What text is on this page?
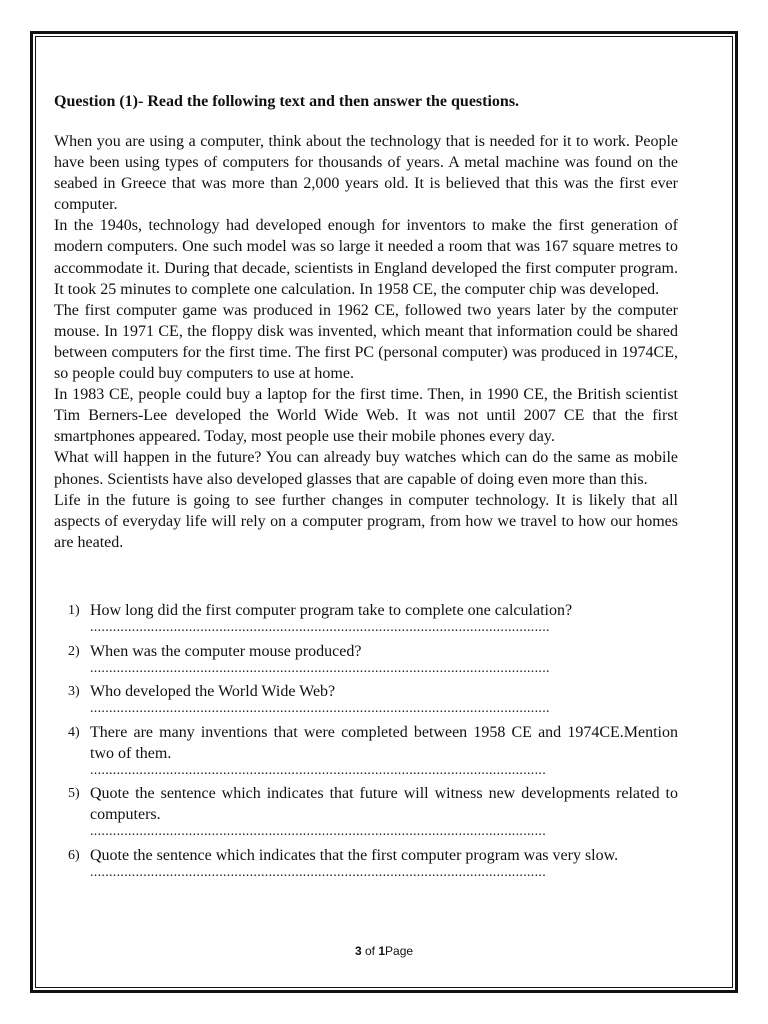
Question (1)- Read the following text and then answer the questions.

When you are using a computer, think about the technology that is needed for it to work. People have been using types of computers for thousands of years. A metal machine was found on the seabed in Greece that was more than 2,000 years old. It is believed that this was the first ever computer.

In the 1940s, technology had developed enough for inventors to make the first generation of modern computers. One such model was so large it needed a room that was 167 square metres to accommodate it. During that decade, scientists in England developed the first computer program. It took 25 minutes to complete one calculation. In 1958 CE, the computer chip was developed.

The first computer game was produced in 1962 CE, followed two years later by the computer mouse. In 1971 CE, the floppy disk was invented, which meant that information could be shared between computers for the first time. The first PC (personal computer) was produced in 1974CE, so people could buy computers to use at home.

In 1983 CE, people could buy a laptop for the first time. Then, in 1990 CE, the British scientist Tim Berners-Lee developed the World Wide Web. It was not until 2007 CE that the first smartphones appeared. Today, most people use their mobile phones every day.

What will happen in the future? You can already buy watches which can do the same as mobile phones. Scientists have also developed glasses that are capable of doing even more than this.

Life in the future is going to see further changes in computer technology. It is likely that all aspects of everyday life will rely on a computer program, from how we travel to how our homes are heated.

1) How long did the first computer program take to complete one calculation?
.........................................................................................................................
2) When was the computer mouse produced?
.........................................................................................................................
3) Who developed the World Wide Web?
.........................................................................................................................
4) There are many inventions that were completed between 1958 CE and 1974CE.Mention two of them.
........................................................................................................................
5) Quote the sentence which indicates that future will witness new developments related to computers.
........................................................................................................................
6) Quote the sentence which indicates that the first computer program was very slow.
........................................................................................................................
3 of 1Page
